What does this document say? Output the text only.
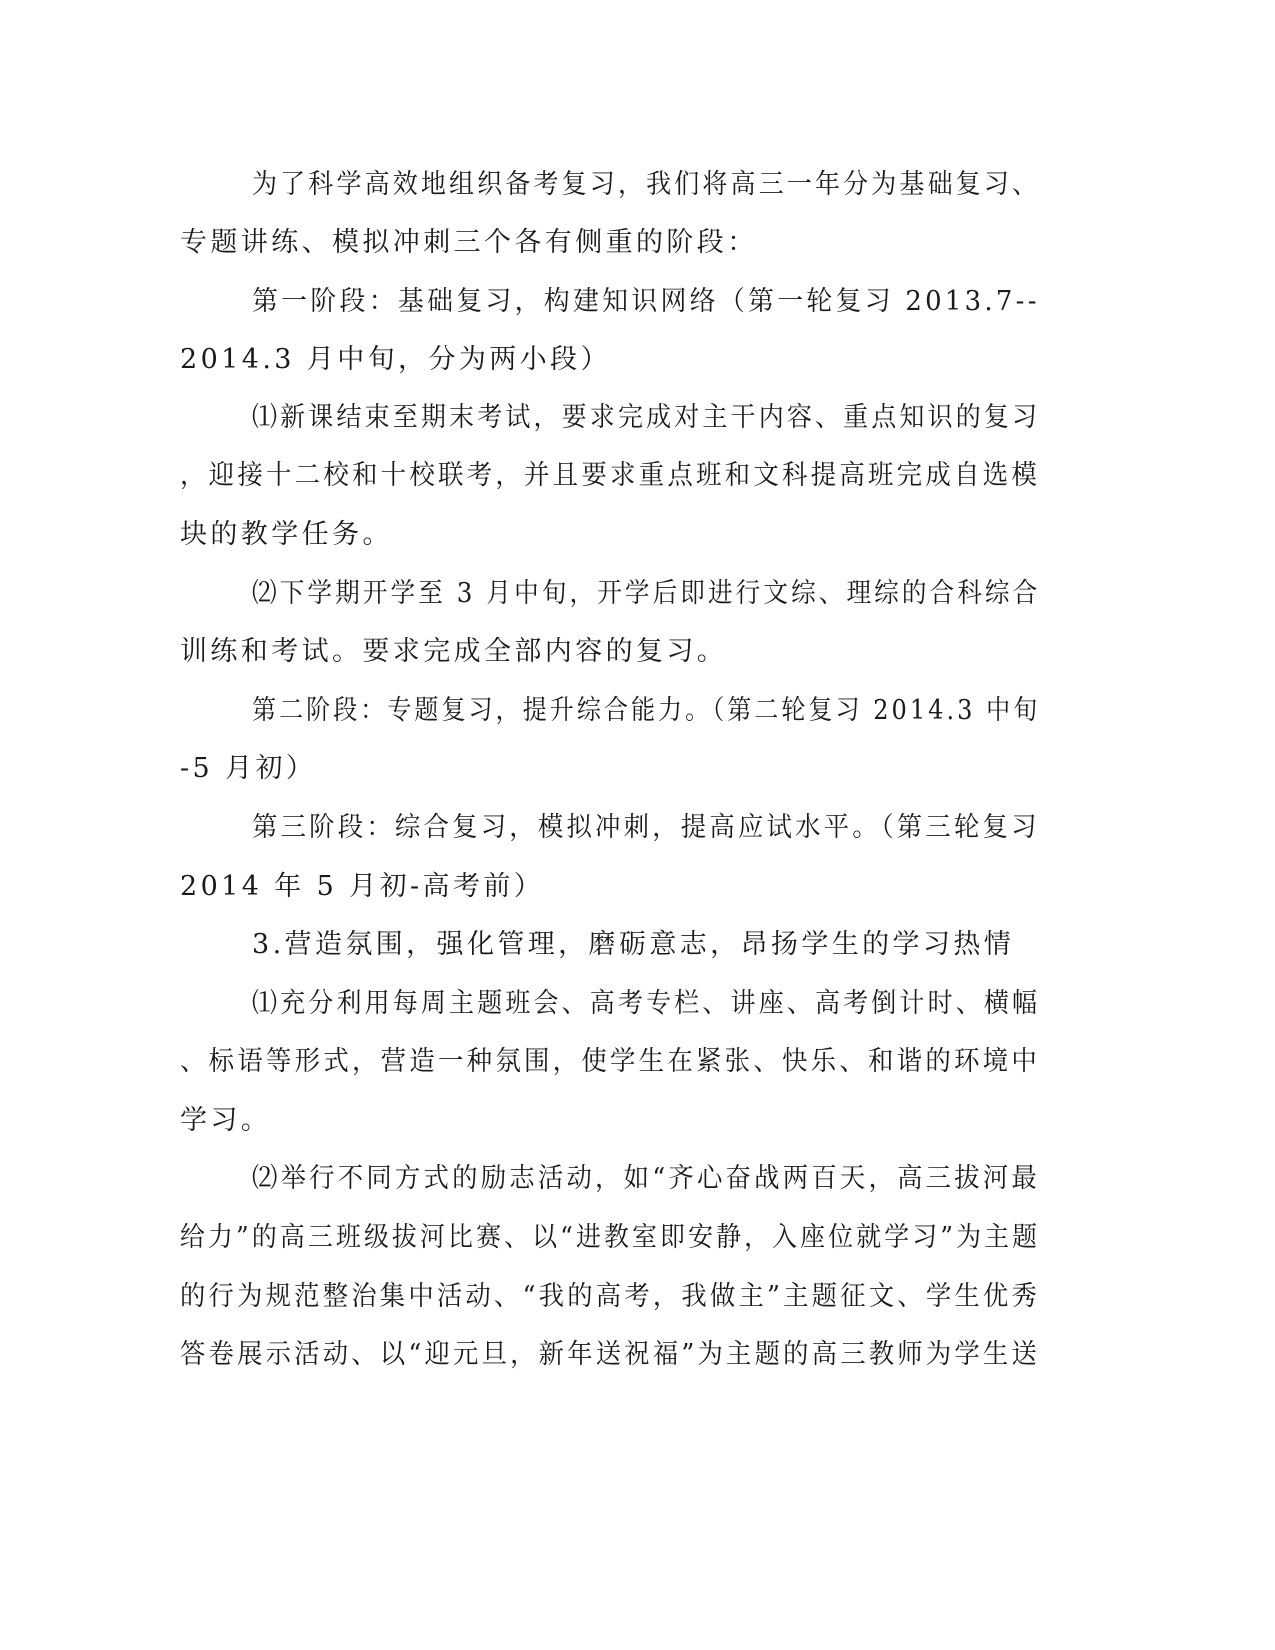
为了科学高效地组织备考复习，我们将高三一年分为基础复习、
专题讲练、模拟冲刺三个各有侧重的阶段：
第一阶段：基础复习，构建知识网络（第一轮复习 2013.7--
2014.3 月中旬，分为两小段）
⑴新课结束至期末考试，要求完成对主干内容、重点知识的复习
，迎接十二校和十校联考，并且要求重点班和文科提高班完成自选模
块的教学任务。
⑵下学期开学至 3 月中旬，开学后即进行文综、理综的合科综合
训练和考试。要求完成全部内容的复习。
第二阶段：专题复习，提升综合能力。（第二轮复习 2014.3 中旬
-5 月初）
第三阶段：综合复习，模拟冲刺，提高应试水平。（第三轮复习
2014 年 5 月初-高考前）
3.营造氛围，强化管理，磨砺意志，昂扬学生的学习热情
⑴充分利用每周主题班会、高考专栏、讲座、高考倒计时、横幅
、标语等形式，营造一种氛围，使学生在紧张、快乐、和谐的环境中
学习。
⑵举行不同方式的励志活动，如“齐心奋战两百天，高三拔河最
给力”的高三班级拔河比赛、以“进教室即安静，入座位就学习”为主题
的行为规范整治集中活动、“我的高考，我做主”主题征文、学生优秀
答卷展示活动、以“迎元旦，新年送祝福”为主题的高三教师为学生送
